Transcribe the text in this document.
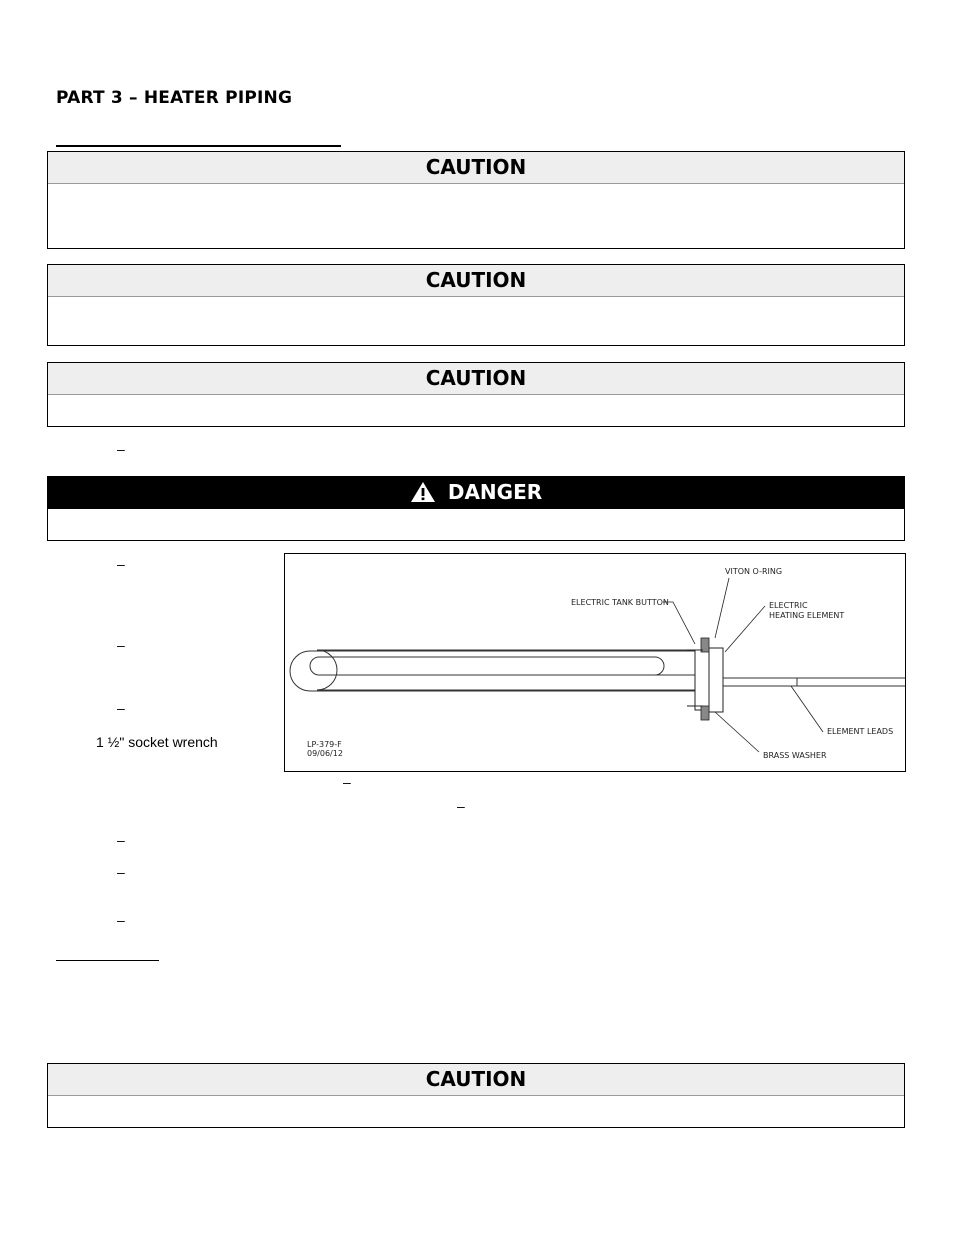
PART 3 – HEATER PIPING
CAUTION
CAUTION
CAUTION
–
DANGER
–
–
–
1 ½" socket wrench
–
–
–
–
–
VITON O-RING
ELECTRIC TANK BUTTON	ELECTRIC
HEATING ELEMENT
ELEMENT LEADS
BRASS WASHER
LP-379-F
09/06/12
CAUTION
